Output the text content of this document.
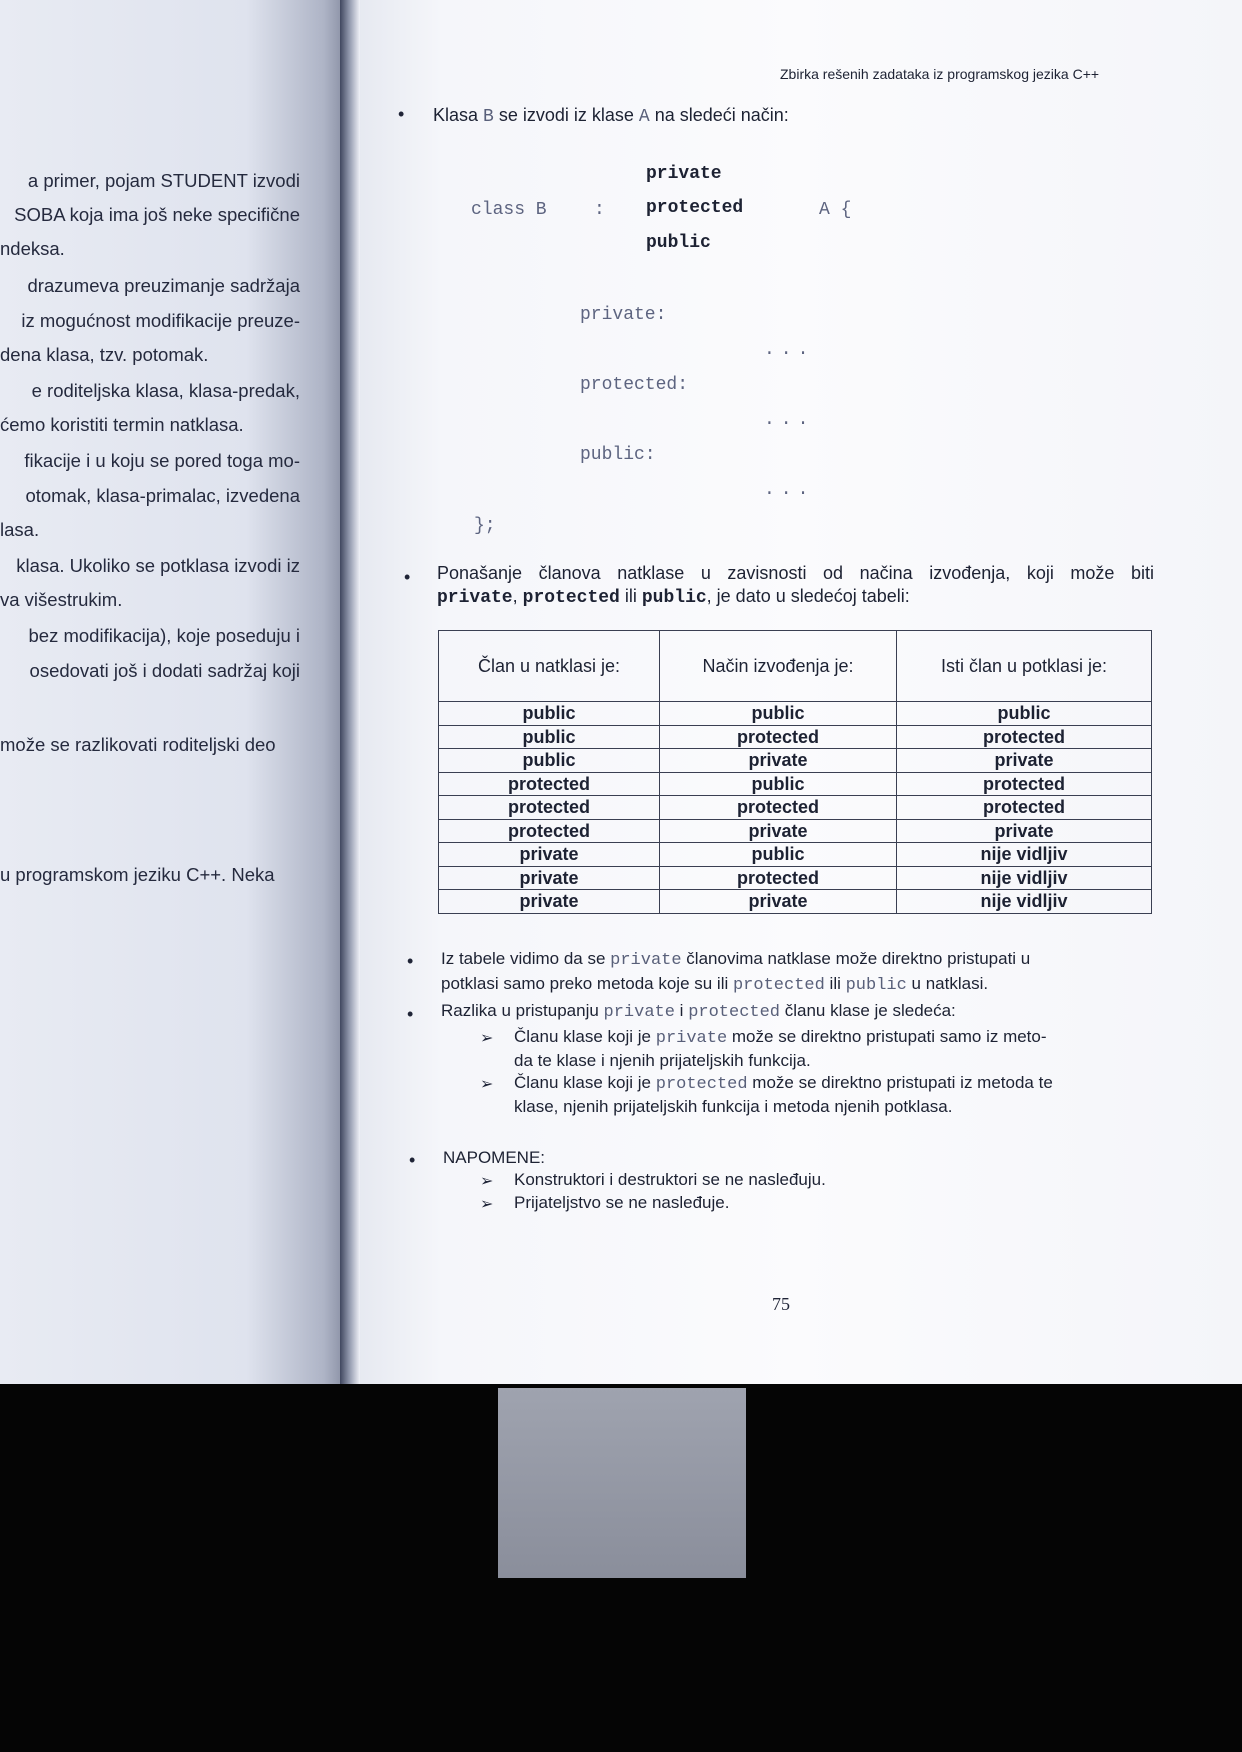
a primer, pojam STUDENT izvodi
SOBA koja ima još neke specifične
ndeksa.
drazumeva preuzimanje sadržaja
iz mogućnost modifikacije preuze-
dena klasa, tzv. potomak.
e roditeljska klasa, klasa-predak,
ćemo koristiti termin natklasa.
fikacije i u koju se pored toga mo-
otomak, klasa-primalac, izvedena
lasa.
klasa. Ukoliko se potklasa izvodi iz
va višestrukim.
bez modifikacija), koje poseduju i
osedovati još i dodati sadržaj koji
može se razlikovati roditeljski deo
u programskom jeziku C++. Neka
Zbirka rešenih zadataka iz programskog jezika C++
• Klasa B se izvodi iz klase A na sledeći način:
private
class B	: protected	A {
public
private:
...
protected:
...
public:
...
};
• Ponašanje članova natklase u zavisnosti od načina izvođenja, koji može biti
private, protected ili public, je dato u sledećoj tabeli:
Član u natklasi je:	Način izvođenja je:	Isti član u potklasi je:
public	public	public
public	protected	protected
public	private	private
protected	public	protected
protected	protected	protected
protected	private	private
private	public	nije vidljiv
private	protected	nije vidljiv
private	private	nije vidljiv
• Iz tabele vidimo da se private članovima natklase može direktno pristupati u
potklasi samo preko metoda koje su ili protected ili public u natklasi.
• Razlika u pristupanju private i protected članu klase je sledeća:
➢ Članu klase koji je private može se direktno pristupati samo iz meto-
da te klase i njenih prijateljskih funkcija.
➢ Članu klase koji je protected može se direktno pristupati iz metoda te
klase, njenih prijateljskih funkcija i metoda njenih potklasa.
• NAPOMENE:
➢ Konstruktori i destruktori se ne nasleđuju.
➢ Prijateljstvo se ne nasleđuje.
75
